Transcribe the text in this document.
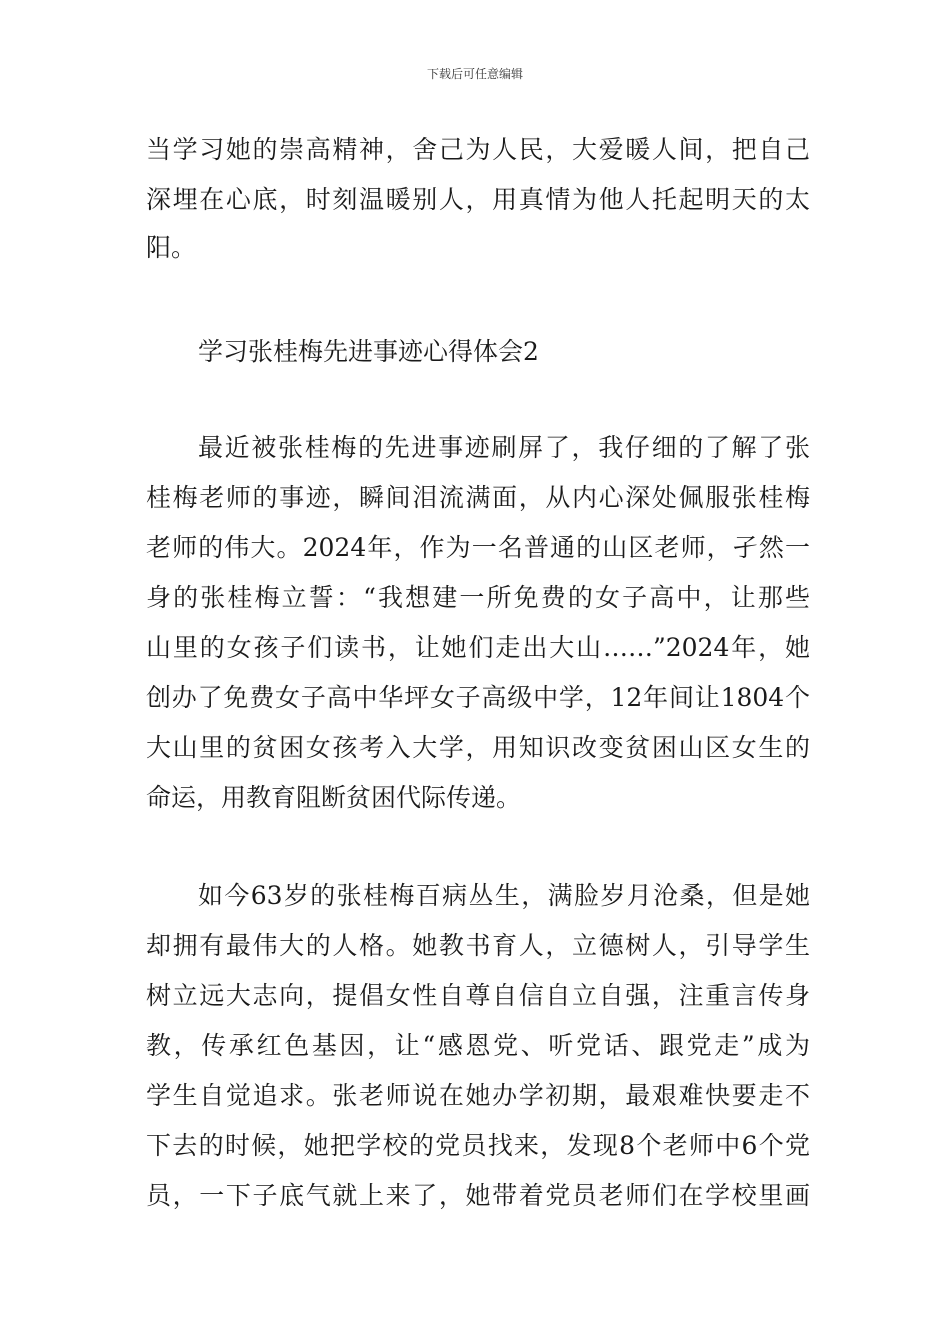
下载后可任意编辑
当学习她的崇高精神，舍己为人民，大爱暖人间，把自己
深埋在心底，时刻温暖别人，用真情为他人托起明天的太
阳。
学习张桂梅先进事迹心得体会2
最近被张桂梅的先进事迹刷屏了，我仔细的了解了张
桂梅老师的事迹，瞬间泪流满面，从内心深处佩服张桂梅
老师的伟大。2024年，作为一名普通的山区老师，孑然一
身的张桂梅立誓：“我想建一所免费的女子高中，让那些
山里的女孩子们读书，让她们走出大山……”2024年，她
创办了免费女子高中华坪女子高级中学，12年间让1804个
大山里的贫困女孩考入大学，用知识改变贫困山区女生的
命运，用教育阻断贫困代际传递。
如今63岁的张桂梅百病丛生，满脸岁月沧桑，但是她
却拥有最伟大的人格。她教书育人，立德树人，引导学生
树立远大志向，提倡女性自尊自信自立自强，注重言传身
教，传承红色基因，让“感恩党、听党话、跟党走”成为
学生自觉追求。张老师说在她办学初期，最艰难快要走不
下去的时候，她把学校的党员找来，发现8个老师中6个党
员，一下子底气就上来了，她带着党员老师们在学校里画
